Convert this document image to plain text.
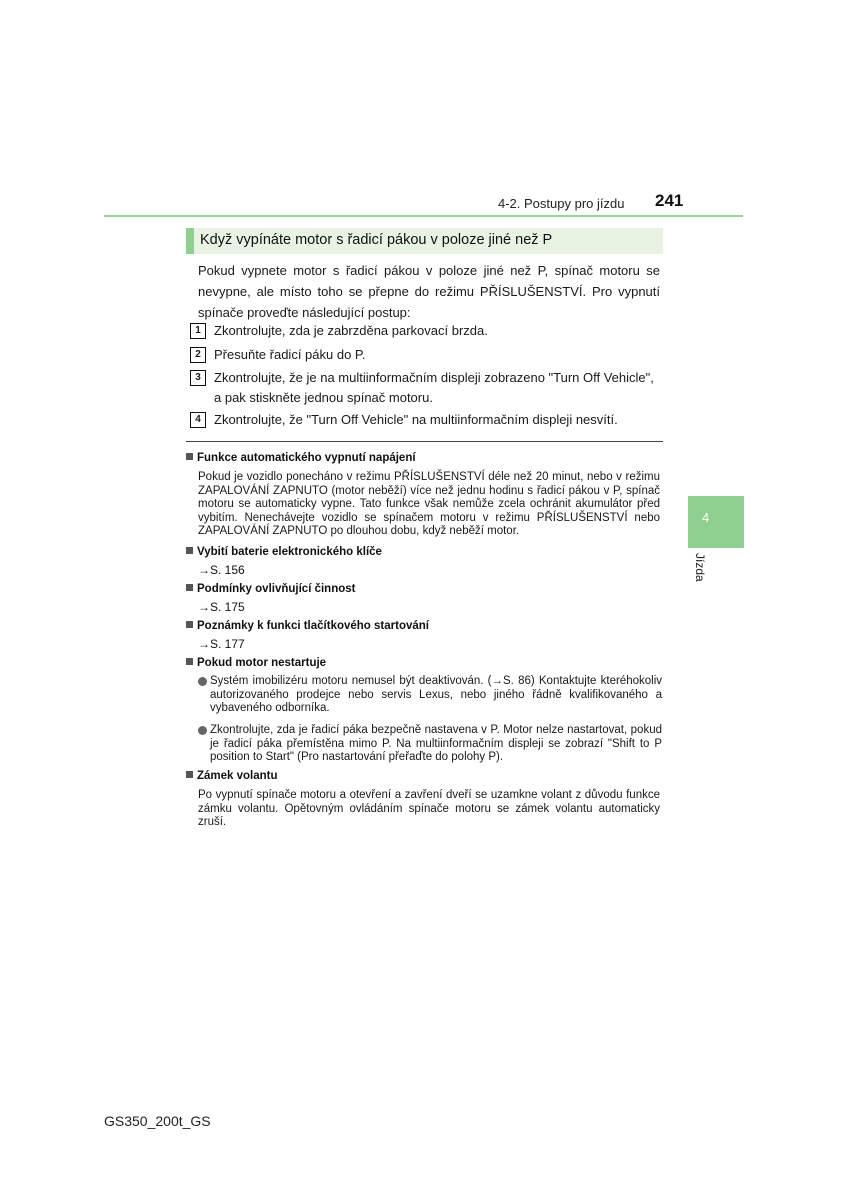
4-2. Postupy pro jízdu 241
4
Jízda
Když vypínáte motor s řadicí pákou v poloze jiné než P
Pokud vypnete motor s řadicí pákou v poloze jiné než P, spínač motoru se nevypne, ale místo toho se přepne do režimu PŘÍSLUŠENSTVÍ. Pro vypnutí spínače proveďte následující postup:
1	Zkontrolujte, zda je zabrzděna parkovací brzda.
2	Přesuňte řadicí páku do P.
3	Zkontrolujte, že je na multiinformačním displeji zobrazeno "Turn Off Vehicle", a pak stiskněte jednou spínač motoru.
4	Zkontrolujte, že "Turn Off Vehicle" na multiinformačním displeji nesvítí.
Funkce automatického vypnutí napájení
Pokud je vozidlo ponecháno v režimu PŘÍSLUŠENSTVÍ déle než 20 minut, nebo v režimu ZAPALOVÁNÍ ZAPNUTO (motor neběží) více než jednu hodinu s řadicí pákou v P, spínač motoru se automaticky vypne. Tato funkce však nemůže zcela ochránit akumulátor před vybitím. Nenechávejte vozidlo se spínačem motoru v režimu PŘÍSLUŠENSTVÍ nebo ZAPALOVÁNÍ ZAPNUTO po dlouhou dobu, když neběží motor.
Vybití baterie elektronického klíče
→S. 156
Podmínky ovlivňující činnost
→S. 175
Poznámky k funkci tlačítkového startování
→S. 177
Pokud motor nestartuje
Systém imobilizéru motoru nemusel být deaktivován. (→S. 86) Kontaktujte kteréhokoliv autorizovaného prodejce nebo servis Lexus, nebo jiného řádně kvalifikovaného a vybaveného odborníka.
Zkontrolujte, zda je řadicí páka bezpečně nastavena v P. Motor nelze nastartovat, pokud je řadicí páka přemístěna mimo P. Na multiinformačním displeji se zobrazí "Shift to P position to Start" (Pro nastartování přeřaďte do polohy P).
Zámek volantu
Po vypnutí spínače motoru a otevření a zavření dveří se uzamkne volant z důvodu funkce zámku volantu. Opětovným ovládáním spínače motoru se zámek volantu automaticky zruší.
GS350_200t_GS
